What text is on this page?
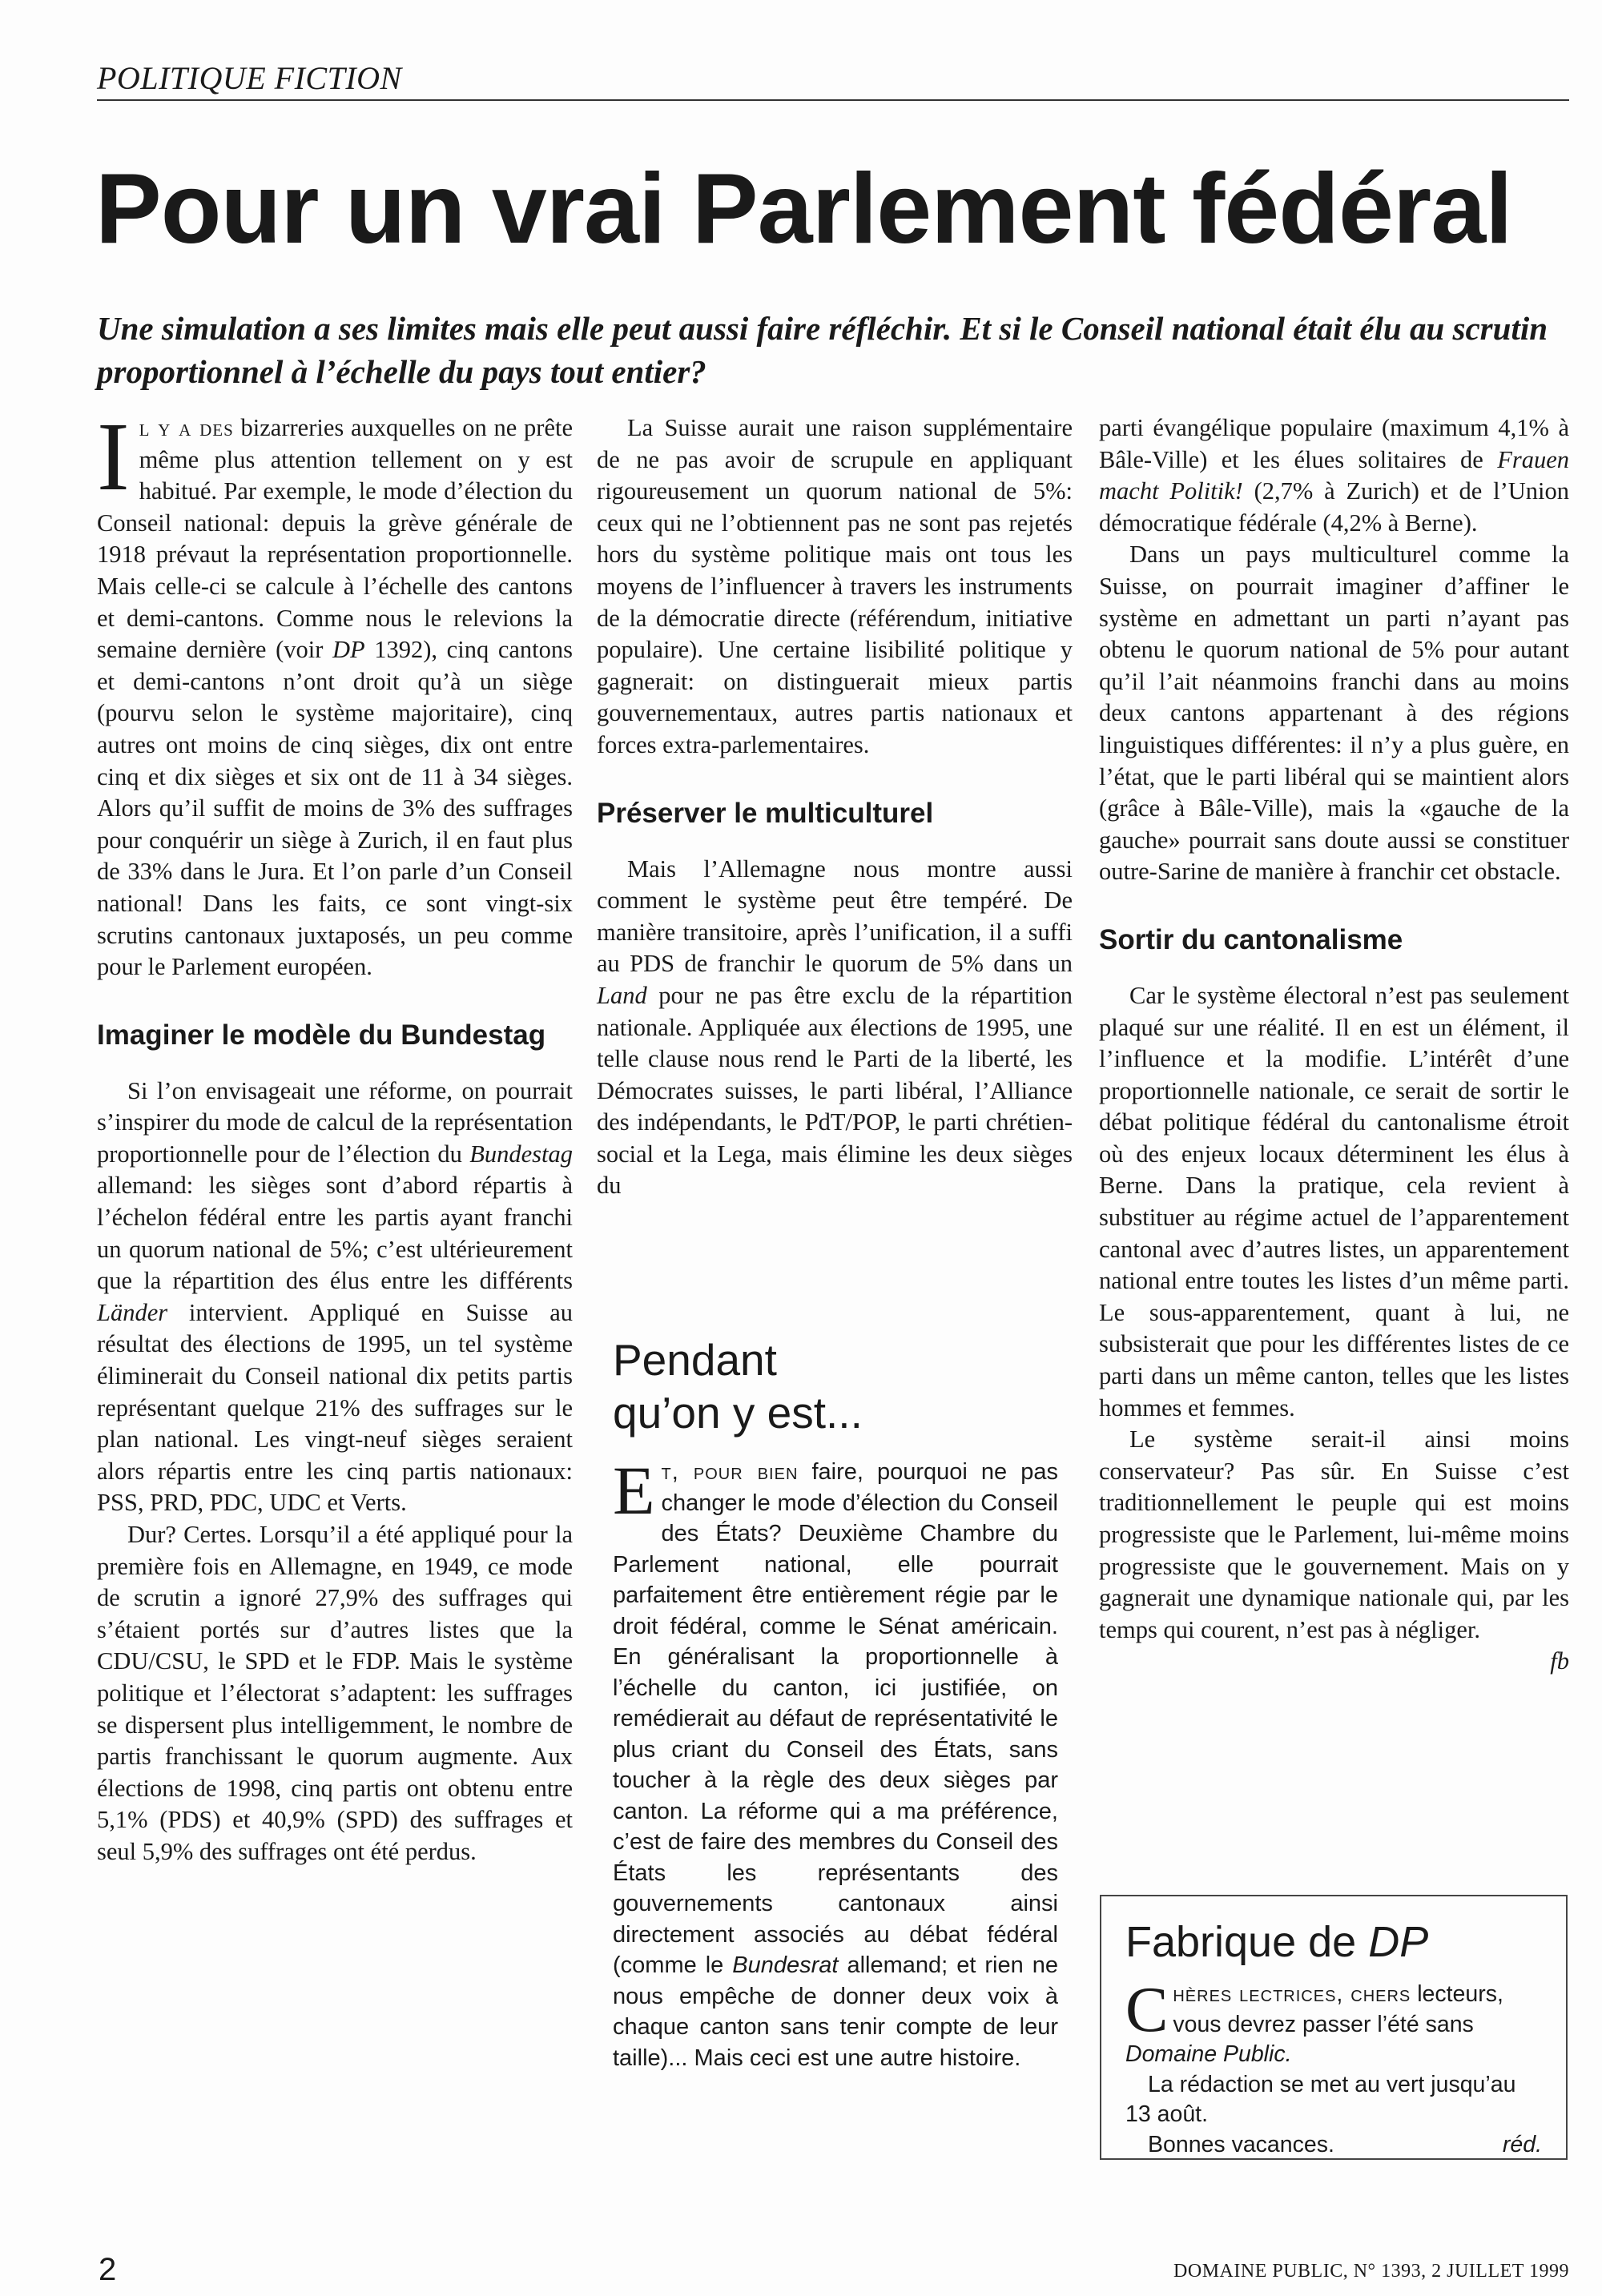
POLITIQUE FICTION
Pour un vrai Parlement fédéral
Une simulation a ses limites mais elle peut aussi faire réfléchir. Et si le Conseil national était élu au scrutin proportionnel à l’échelle du pays tout entier?

Il y a des bizarreries auxquelles on ne prête même plus attention tellement on y est habitué. Par exemple, le mode d’élection du Conseil national: depuis la grève générale de 1918 prévaut la représentation proportionnelle. Mais celle-ci se calcule à l’échelle des cantons et demi-cantons. Comme nous le relevions la semaine dernière (voir DP 1392), cinq cantons et demi-cantons n’ont droit qu’à un siège (pourvu selon le système majoritaire), cinq autres ont moins de cinq sièges, dix ont entre cinq et dix sièges et six ont de 11 à 34 sièges. Alors qu’il suffit de moins de 3% des suffrages pour conquérir un siège à Zurich, il en faut plus de 33% dans le Jura. Et l’on parle d’un Conseil national! Dans les faits, ce sont vingt-six scrutins cantonaux juxtaposés, un peu comme pour le Parlement européen.

Imaginer le modèle du Bundestag

Si l’on envisageait une réforme, on pourrait s’inspirer du mode de calcul de la représentation proportionnelle pour de l’élection du Bundestag allemand: les sièges sont d’abord répartis à l’échelon fédéral entre les partis ayant franchi un quorum national de 5%; c’est ultérieurement que la répartition des élus entre les différents Länder intervient. Appliqué en Suisse au résultat des élections de 1995, un tel système éliminerait du Conseil national dix petits partis représentant quelque 21% des suffrages sur le plan national. Les vingt-neuf sièges seraient alors répartis entre les cinq partis nationaux: PSS, PRD, PDC, UDC et Verts.

Dur? Certes. Lorsqu’il a été appliqué pour la première fois en Allemagne, en 1949, ce mode de scrutin a ignoré 27,9% des suffrages qui s’étaient portés sur d’autres listes que la CDU/CSU, le SPD et le FDP. Mais le système politique et l’électorat s’adaptent: les suffrages se dispersent plus intelligemment, le nombre de partis franchissant le quorum augmente. Aux élections de 1998, cinq partis ont obtenu entre 5,1% (PDS) et 40,9% (SPD) des suffrages et seul 5,9% des suffrages ont été perdus.

La Suisse aurait une raison supplémentaire de ne pas avoir de scrupule en appliquant rigoureusement un quorum national de 5%: ceux qui ne l’obtiennent pas ne sont pas rejetés hors du système politique mais ont tous les moyens de l’influencer à travers les instruments de la démocratie directe (référendum, initiative populaire). Une certaine lisibilité politique y gagnerait: on distinguerait mieux partis gouvernementaux, autres partis nationaux et forces extra-parlementaires.

Préserver le multiculturel

Mais l’Allemagne nous montre aussi comment le système peut être tempéré. De manière transitoire, après l’unification, il a suffi au PDS de franchir le quorum de 5% dans un Land pour ne pas être exclu de la répartition nationale. Appliquée aux élections de 1995, une telle clause nous rend le Parti de la liberté, les Démocrates suisses, le parti libéral, l’Alliance des indépendants, le PdT/POP, le parti chrétien-social et la Lega, mais élimine les deux sièges du

Pendant
qu’on y est...

Et, pour bien faire, pourquoi ne pas changer le mode d’élection du Conseil des États? Deuxième Chambre du Parlement national, elle pourrait parfaitement être entièrement régie par le droit fédéral, comme le Sénat américain. En généralisant la proportionnelle à l’échelle du canton, ici justifiée, on remédierait au défaut de représentativité le plus criant du Conseil des États, sans toucher à la règle des deux sièges par canton. La réforme qui a ma préférence, c’est de faire des membres du Conseil des États les représentants des gouvernements cantonaux ainsi directement associés au débat fédéral (comme le Bundesrat allemand; et rien ne nous empêche de donner deux voix à chaque canton sans tenir compte de leur taille)... Mais ceci est une autre histoire.

parti évangélique populaire (maximum 4,1% à Bâle-Ville) et les élues solitaires de Frauen macht Politik! (2,7% à Zurich) et de l’Union démocratique fédérale (4,2% à Berne).

Dans un pays multiculturel comme la Suisse, on pourrait imaginer d’affiner le système en admettant un parti n’ayant pas obtenu le quorum national de 5% pour autant qu’il l’ait néanmoins franchi dans au moins deux cantons appartenant à des régions linguistiques différentes: il n’y a plus guère, en l’état, que le parti libéral qui se maintient alors (grâce à Bâle-Ville), mais la «gauche de la gauche» pourrait sans doute aussi se constituer outre-Sarine de manière à franchir cet obstacle.

Sortir du cantonalisme

Car le système électoral n’est pas seulement plaqué sur une réalité. Il en est un élément, il l’influence et la modifie. L’intérêt d’une proportionnelle nationale, ce serait de sortir le débat politique fédéral du cantonalisme étroit où des enjeux locaux déterminent les élus à Berne. Dans la pratique, cela revient à substituer au régime actuel de l’apparentement cantonal avec d’autres listes, un apparentement national entre toutes les listes d’un même parti. Le sous-apparentement, quant à lui, ne subsisterait que pour les différentes listes de ce parti dans un même canton, telles que les listes hommes et femmes.

Le système serait-il ainsi moins conservateur? Pas sûr. En Suisse c’est traditionnellement le peuple qui est moins progressiste que le Parlement, lui-même moins progressiste que le gouvernement. Mais on y gagnerait une dynamique nationale qui, par les temps qui courent, n’est pas à négliger.

fb
Fabrique de DP

Chères lectrices, chers lecteurs, vous devrez passer l’été sans Domaine Public.

La rédaction se met au vert jusqu’au 13 août.

Bonnes vacances.	réd.
2	DOMAINE PUBLIC, N° 1393, 2 JUILLET 1999
